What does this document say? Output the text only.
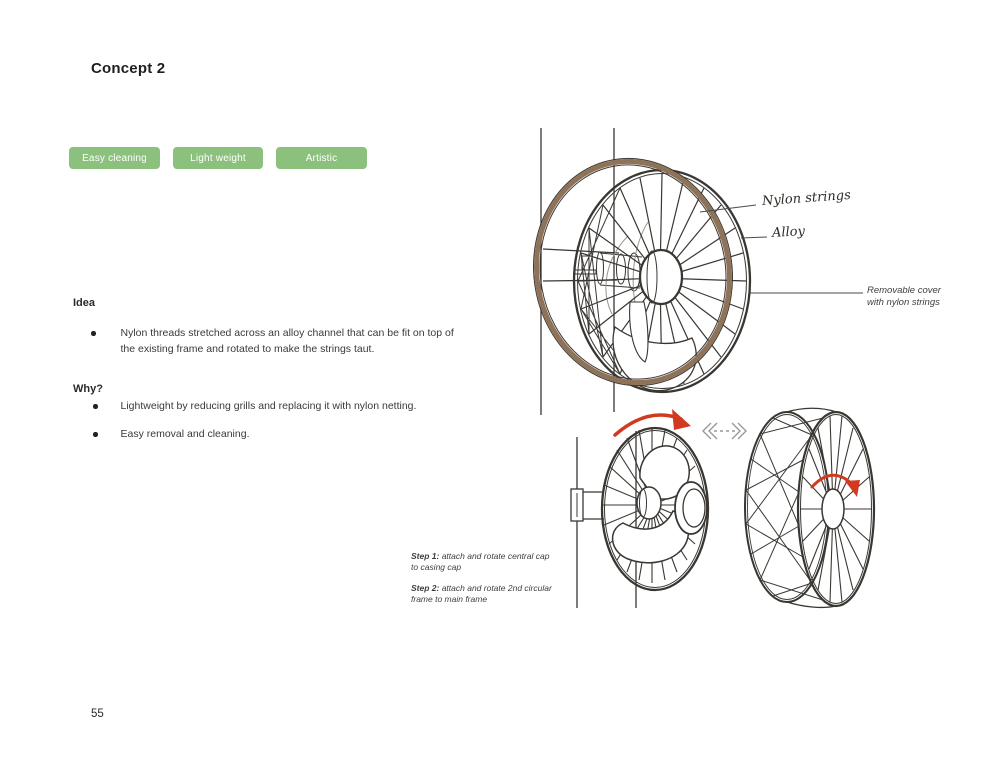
Concept 2
Easy cleaning	Light weight	Artistic
Idea
Nylon threads stretched across an alloy channel that can be fit on top of the existing frame and rotated to make the strings taut.
Why?
Lightweight by reducing grills and replacing it with nylon netting.
Easy removal and cleaning.
Step 1: attach and rotate central cap to casing cap
Step 2: attach and rotate 2nd circular frame to main frame
Nylon strings
Alloy
Removable cover
with nylon strings
55
